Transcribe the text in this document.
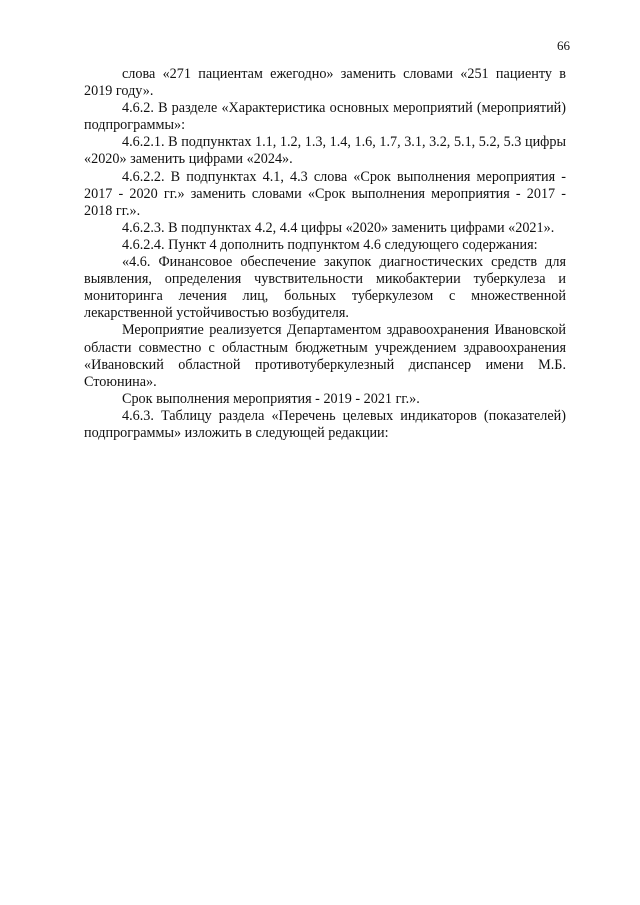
66

слова «271 пациентам ежегодно» заменить словами «251 пациенту в 2019 году».

4.6.2. В разделе «Характеристика основных мероприятий (мероприятий) подпрограммы»:

4.6.2.1. В подпунктах 1.1, 1.2, 1.3, 1.4, 1.6, 1.7, 3.1, 3.2, 5.1, 5.2, 5.3 цифры «2020» заменить цифрами «2024».

4.6.2.2. В подпунктах 4.1, 4.3 слова «Срок выполнения мероприятия - 2017 - 2020 гг.» заменить словами «Срок выполнения мероприятия - 2017 - 2018 гг.».

4.6.2.3. В подпунктах 4.2, 4.4 цифры «2020» заменить цифрами «2021».

4.6.2.4. Пункт 4 дополнить подпунктом 4.6 следующего содержания:

«4.6. Финансовое обеспечение закупок диагностических средств для выявления, определения чувствительности микобактерии туберкулеза и мониторинга лечения лиц, больных туберкулезом с множественной лекарственной устойчивостью возбудителя.

Мероприятие реализуется Департаментом здравоохранения Ивановской области совместно с областным бюджетным учреждением здравоохранения «Ивановский областной противотуберкулезный диспансер имени М.Б. Стоюнина».

Срок выполнения мероприятия - 2019 - 2021 гг.».

4.6.3. Таблицу раздела «Перечень целевых индикаторов (показателей) подпрограммы» изложить в следующей редакции:
